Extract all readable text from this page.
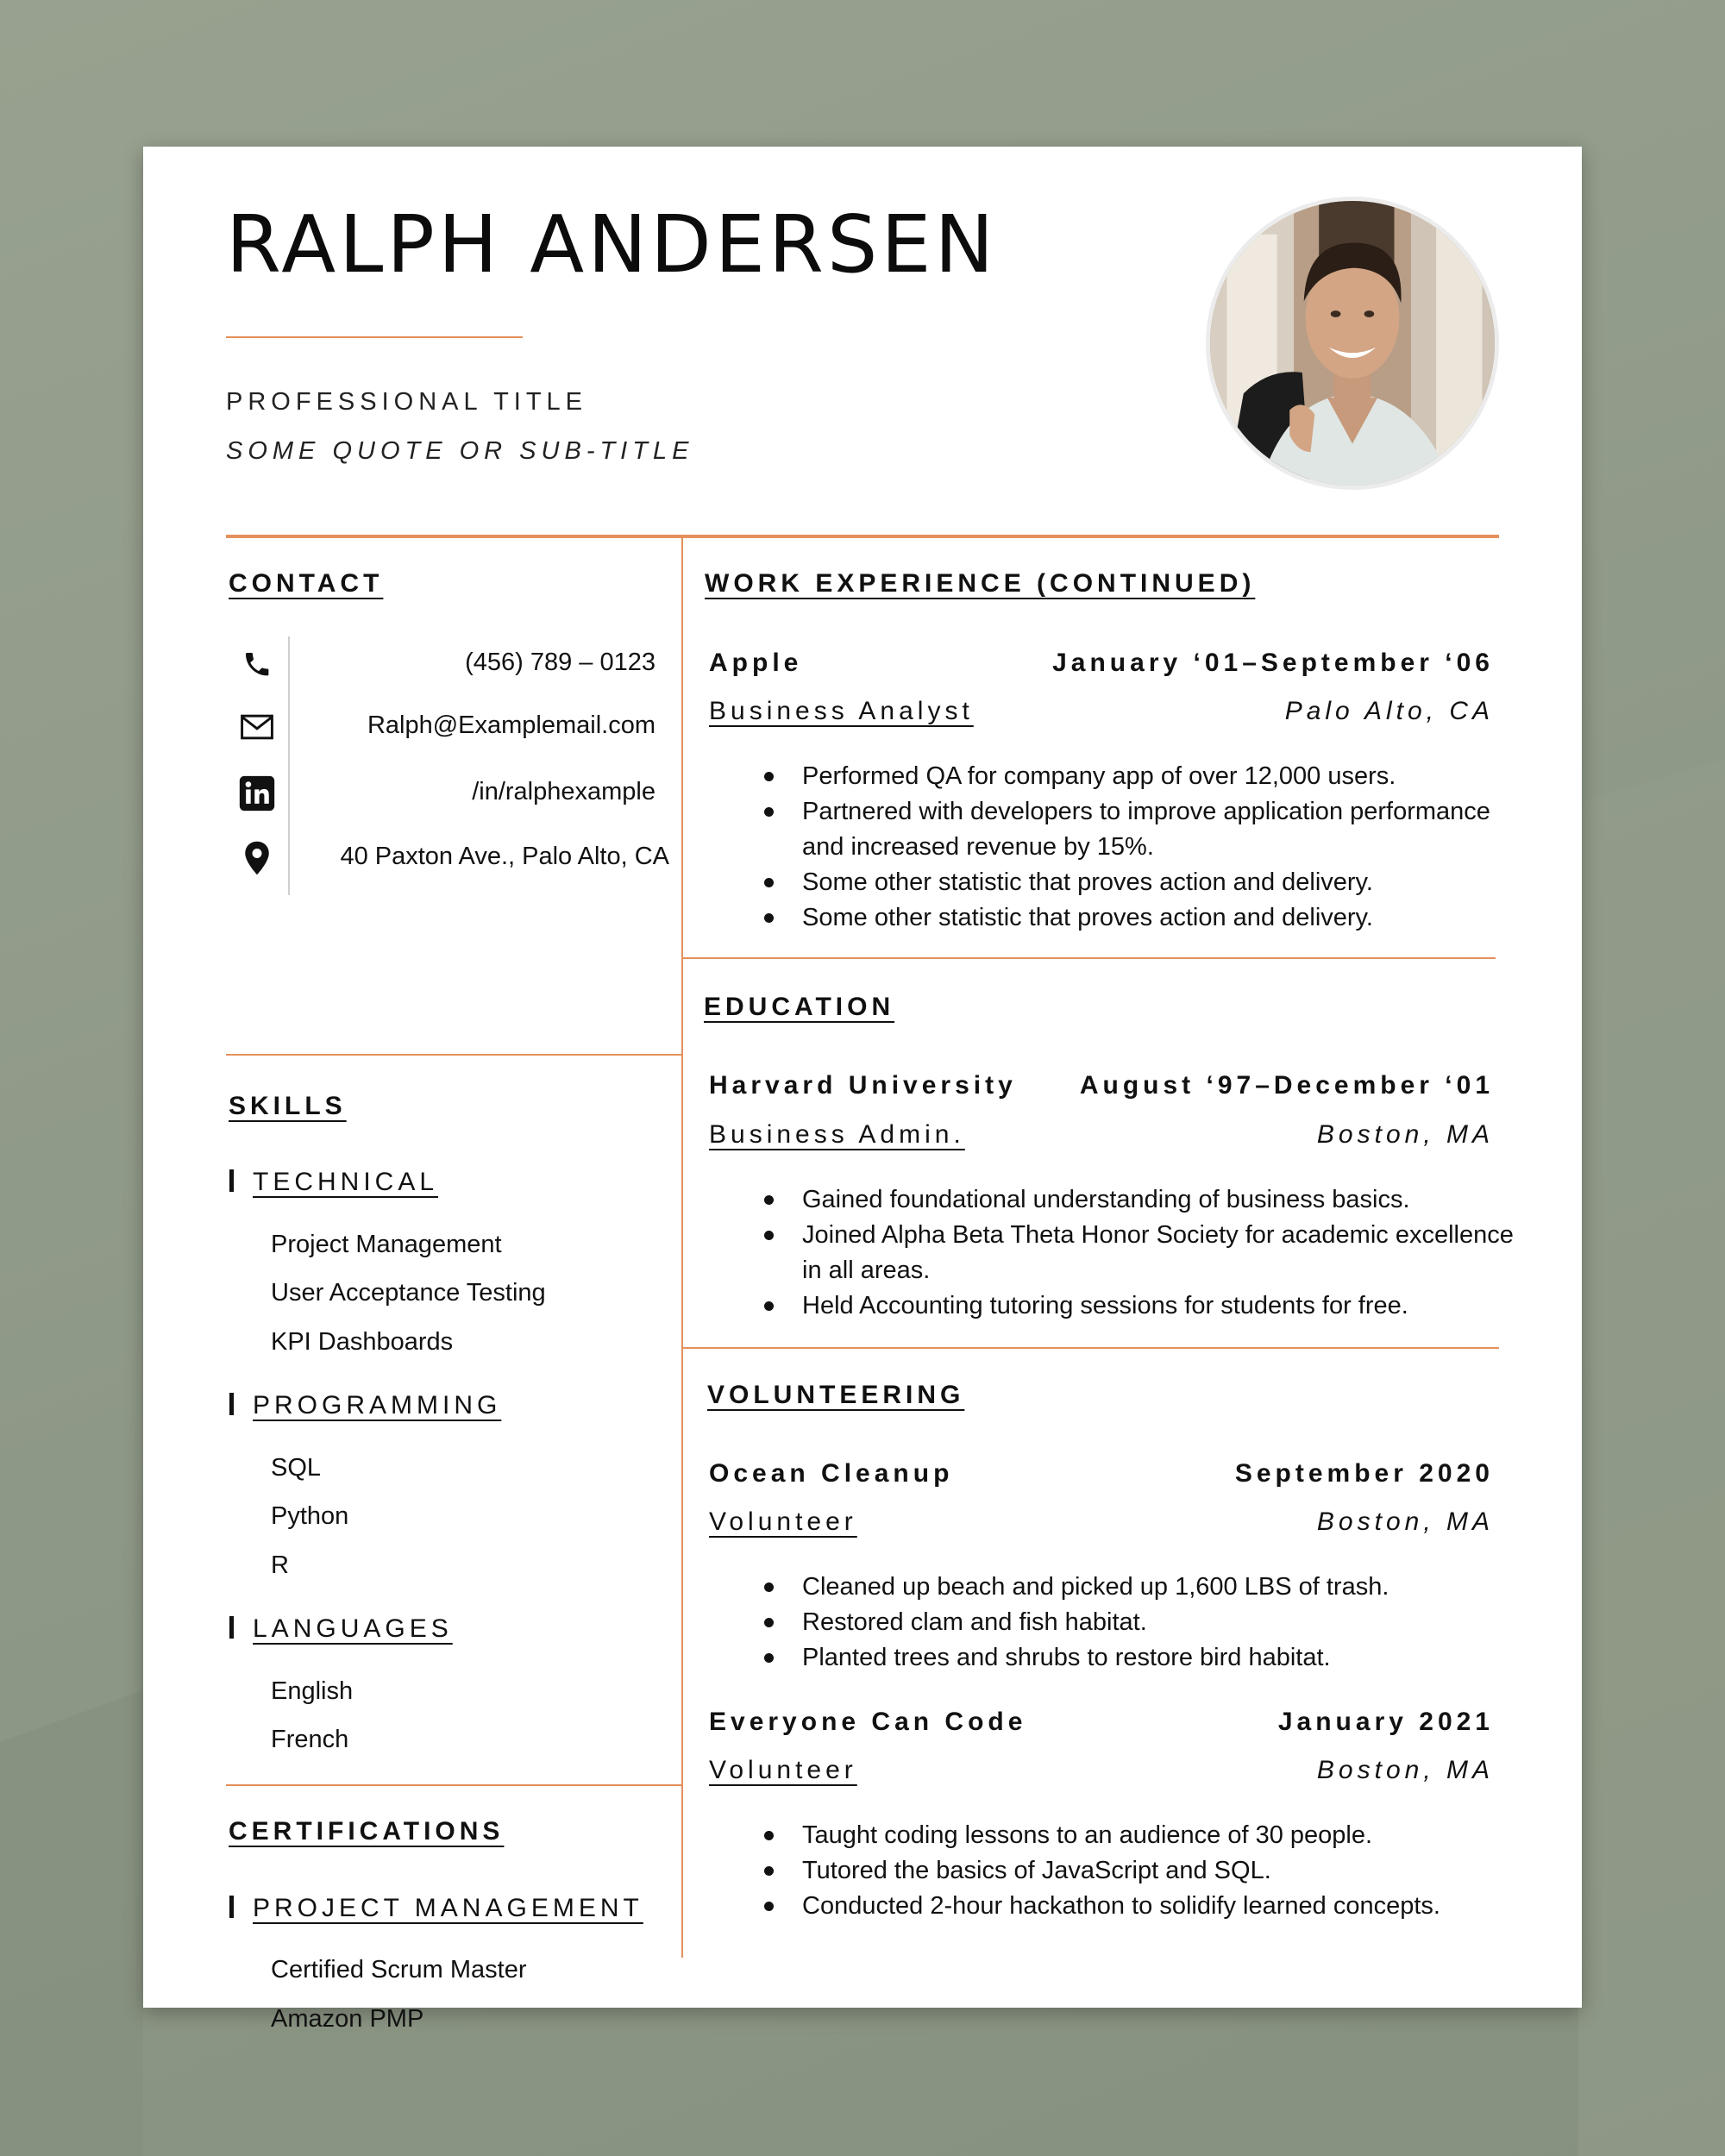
RALPH ANDERSEN
PROFESSIONAL TITLE
SOME QUOTE OR SUB-TITLE
CONTACT
(456) 789 – 0123
Ralph@Examplemail.com
/in/ralphexample
40 Paxton Ave., Palo Alto, CA
SKILLS
TECHNICAL
Project Management
User Acceptance Testing
KPI Dashboards
PROGRAMMING
SQL
Python
R
LANGUAGES
English
French
CERTIFICATIONS
PROJECT MANAGEMENT
Certified Scrum Master
Amazon PMP
WORK EXPERIENCE (CONTINUED)
Apple	January ‘01–September ‘06
Business Analyst	Palo Alto, CA
Performed QA for company app of over 12,000 users.
Partnered with developers to improve application performance and increased revenue by 15%.
Some other statistic that proves action and delivery.
Some other statistic that proves action and delivery.
EDUCATION
Harvard University August ‘97–December ‘01
Business Admin.	Boston, MA
Gained foundational understanding of business basics.
Joined Alpha Beta Theta Honor Society for academic excellence in all areas.
Held Accounting tutoring sessions for students for free.
VOLUNTEERING
Ocean Cleanup	September 2020
Volunteer	Boston, MA
Cleaned up beach and picked up 1,600 LBS of trash.
Restored clam and fish habitat.
Planted trees and shrubs to restore bird habitat.
Everyone Can Code	January 2021
Volunteer	Boston, MA
Taught coding lessons to an audience of 30 people.
Tutored the basics of JavaScript and SQL.
Conducted 2-hour hackathon to solidify learned concepts.
